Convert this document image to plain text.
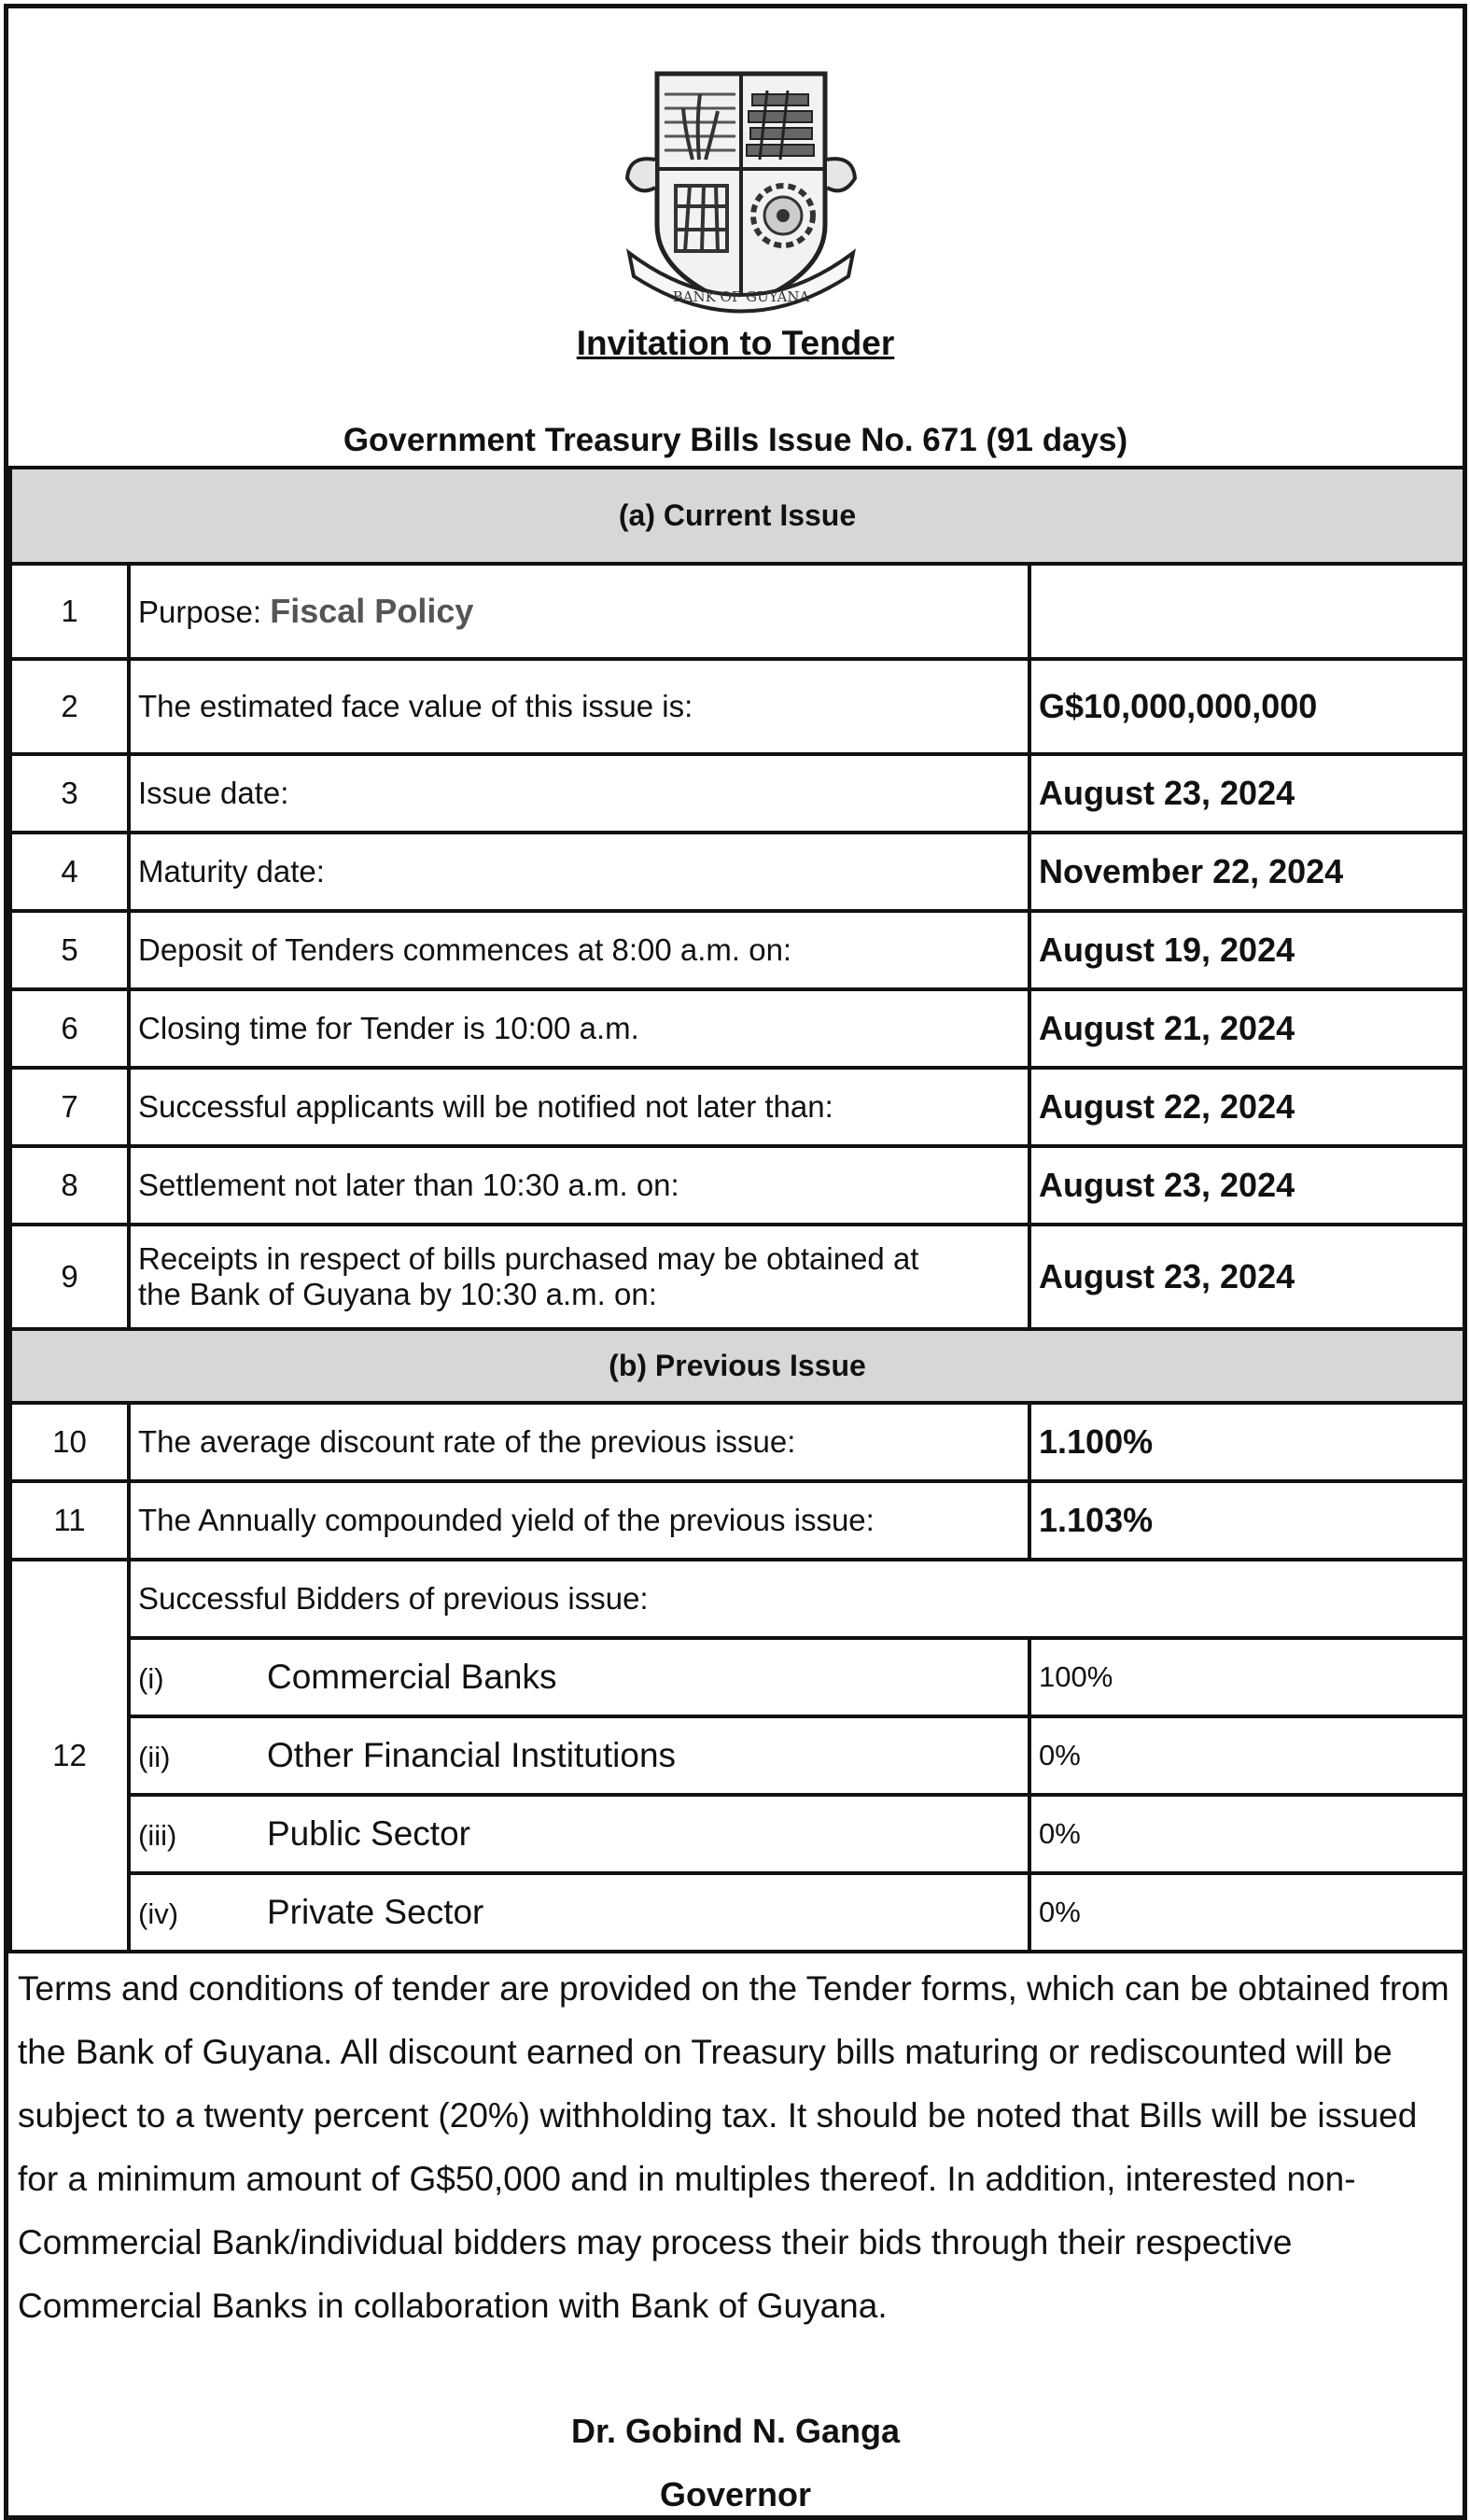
BANK OF GUYANA
Invitation to Tender
Government Treasury Bills Issue No. 671 (91 days)
(a) Current Issue		
1	Purpose: Fiscal Policy	
2	The estimated face value of this issue is:	G$10,000,000,000
3	Issue date:	August 23, 2024
4	Maturity date:	November 22, 2024
5	Deposit of Tenders commences at 8:00 a.m. on:	August 19, 2024
6	Closing time for Tender is 10:00 a.m.	August 21, 2024
7	Successful applicants will be notified not later than:	August 22, 2024
8	Settlement not later than 10:30 a.m. on:	August 23, 2024
9	Receipts in respect of bills purchased may be obtained at
the Bank of Guyana by 10:30 a.m. on:	August 23, 2024
(b) Previous Issue		
10	The average discount rate of the previous issue:	1.100%
11	The Annually compounded yield of the previous issue:	1.103%
12	Successful Bidders of previous issue:	
	(i) Commercial Banks	100%
	(ii) Other Financial Institutions	0%
	(iii) Public Sector	0%
	(iv) Private Sector	0%
Terms and conditions of tender are provided on the Tender forms, which can be obtained from the Bank of Guyana. All discount earned on Treasury bills maturing or rediscounted will be subject to a twenty percent (20%) withholding tax. It should be noted that Bills will be issued for a minimum amount of G$50,000 and in multiples thereof. In addition, interested non-Commercial Bank/individual bidders may process their bids through their respective Commercial Banks in collaboration with Bank of Guyana.
Dr. Gobind N. Ganga
Governor
